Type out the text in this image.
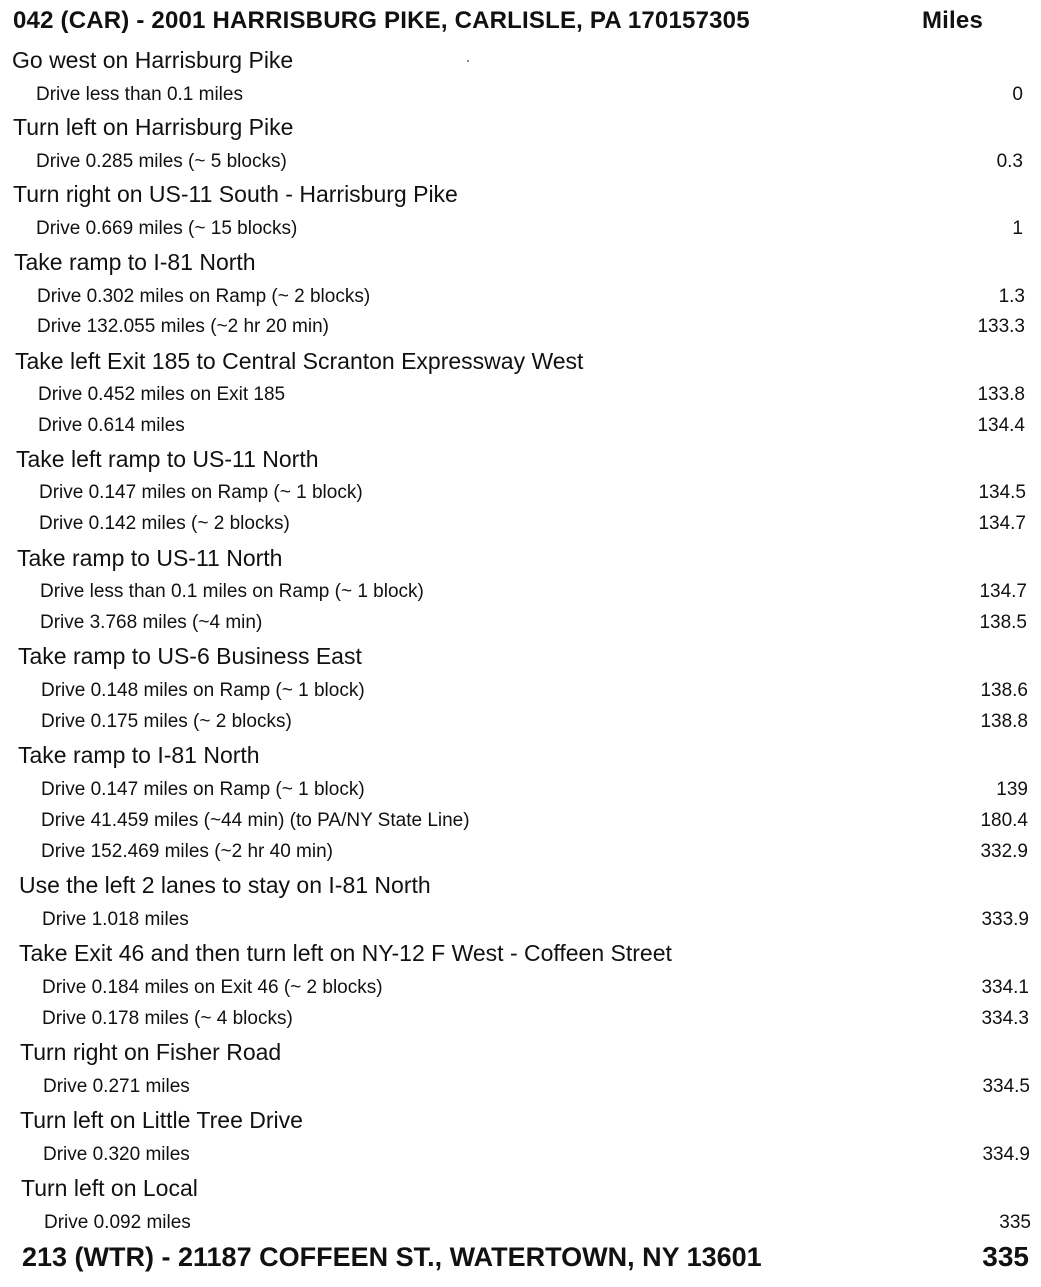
042 (CAR) - 2001 HARRISBURG PIKE, CARLISLE, PA 170157305	Miles
Go west on Harrisburg Pike
Drive less than 0.1 miles	0
Turn left on Harrisburg Pike
Drive 0.285 miles (~ 5 blocks)	0.3
Turn right on US-11 South - Harrisburg Pike
Drive 0.669 miles (~ 15 blocks)	1
Take ramp to I-81 North
Drive 0.302 miles on Ramp (~ 2 blocks)	1.3
Drive 132.055 miles (~2 hr 20 min)	133.3
Take left Exit 185 to Central Scranton Expressway West
Drive 0.452 miles on Exit 185	133.8
Drive 0.614 miles	134.4
Take left ramp to US-11 North
Drive 0.147 miles on Ramp (~ 1 block)	134.5
Drive 0.142 miles (~ 2 blocks)	134.7
Take ramp to US-11 North
Drive less than 0.1 miles on Ramp (~ 1 block)	134.7
Drive 3.768 miles (~4 min)	138.5
Take ramp to US-6 Business East
Drive 0.148 miles on Ramp (~ 1 block)	138.6
Drive 0.175 miles (~ 2 blocks)	138.8
Take ramp to I-81 North
Drive 0.147 miles on Ramp (~ 1 block)	139
Drive 41.459 miles (~44 min) (to PA/NY State Line)	180.4
Drive 152.469 miles (~2 hr 40 min)	332.9
Use the left 2 lanes to stay on I-81 North
Drive 1.018 miles	333.9
Take Exit 46 and then turn left on NY-12 F West - Coffeen Street
Drive 0.184 miles on Exit 46 (~ 2 blocks)	334.1
Drive 0.178 miles (~ 4 blocks)	334.3
Turn right on Fisher Road
Drive 0.271 miles	334.5
Turn left on Little Tree Drive
Drive 0.320 miles	334.9
Turn left on Local
Drive 0.092 miles	335
213 (WTR) - 21187 COFFEEN ST., WATERTOWN, NY 13601	335
